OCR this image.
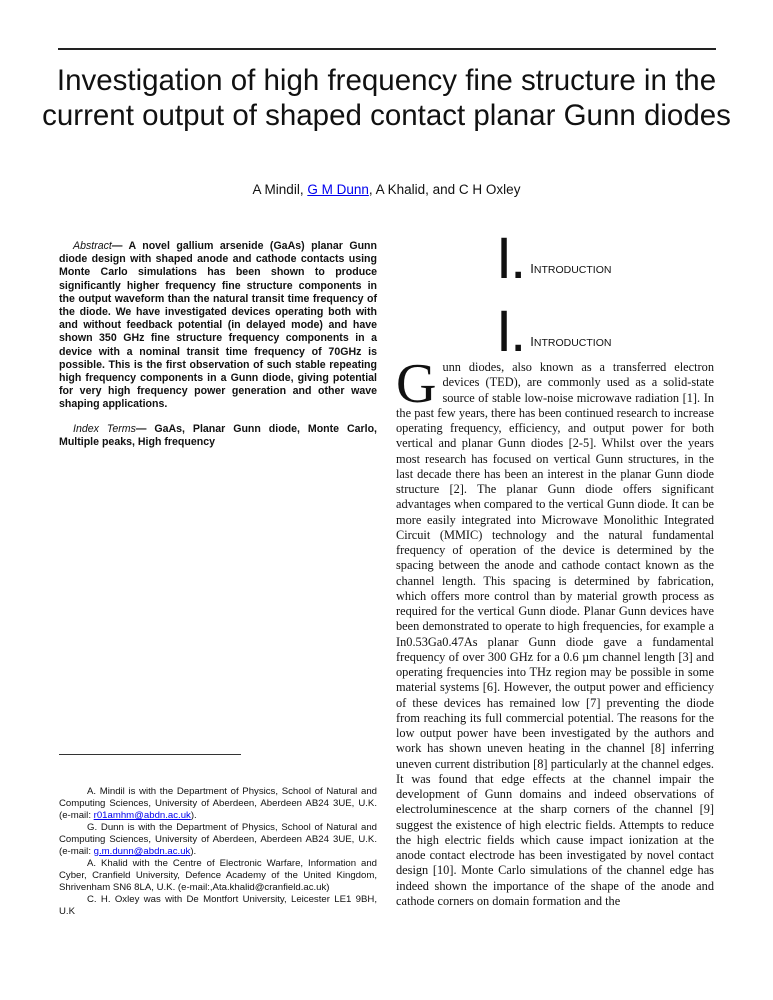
Investigation of high frequency fine structure in the current output of shaped contact planar Gunn diodes
A Mindil, G M Dunn, A Khalid, and C H Oxley

Abstract— A novel gallium arsenide (GaAs) planar Gunn diode design with shaped anode and cathode contacts using Monte Carlo simulations has been shown to produce significantly higher frequency fine structure components in the output waveform than the natural transit time frequency of the diode. We have investigated devices operating both with and without feedback potential (in delayed mode) and have shown 350 GHz fine structure frequency components in a device with a nominal transit time frequency of 70GHz is possible. This is the first observation of such stable repeating high frequency components in a Gunn diode, giving potential for very high frequency power generation and other wave shaping applications.

Index Terms— GaAs, Planar Gunn diode, Monte Carlo, Multiple peaks, High frequency

A. Mindil is with the Department of Physics, School of Natural and Computing Sciences, University of Aberdeen, Aberdeen AB24 3UE, U.K. (e-mail: r01amhm@abdn.ac.uk).

G. Dunn is with the Department of Physics, School of Natural and Computing Sciences, University of Aberdeen, Aberdeen AB24 3UE, U.K. (e-mail: g.m.dunn@abdn.ac.uk).

A. Khalid with the Centre of Electronic Warfare, Information and Cyber, Cranfield University, Defence Academy of the United Kingdom, Shrivenham SN6 8LA, U.K. (e-mail:,Ata.khalid@cranfield.ac.uk)

C. H. Oxley was with De Montfort University, Leicester LE1 9BH, U.K

I. INTRODUCTION
I. INTRODUCTION

Gunn diodes, also known as a transferred electron devices (TED), are commonly used as a solid-state source of stable low-noise microwave radiation [1]. In the past few years, there has been continued research to increase operating frequency, efficiency, and output power for both vertical and planar Gunn diodes [2-5]. Whilst over the years most research has focused on vertical Gunn structures, in the last decade there has been an interest in the planar Gunn diode structure [2]. The planar Gunn diode offers significant advantages when compared to the vertical Gunn diode. It can be more easily integrated into Microwave Monolithic Integrated Circuit (MMIC) technology and the natural fundamental frequency of operation of the device is determined by the spacing between the anode and cathode contact known as the channel length. This spacing is determined by fabrication, which offers more control than by material growth process as required for the vertical Gunn diode. Planar Gunn devices have been demonstrated to operate to high frequencies, for example a In0.53Ga0.47As planar Gunn diode gave a fundamental frequency of over 300 GHz for a 0.6 µm channel length [3] and operating frequencies into THz region may be possible in some material systems [6]. However, the output power and efficiency of these devices has remained low [7] preventing the diode from reaching its full commercial potential. The reasons for the low output power have been investigated by the authors and work has shown uneven heating in the channel [8] inferring uneven current distribution [8] particularly at the channel edges. It was found that edge effects at the channel impair the development of Gunn domains and indeed observations of electroluminescence at the sharp corners of the channel [9] suggest the existence of high electric fields. Attempts to reduce the high electric fields which cause impact ionization at the anode contact electrode has been investigated by novel contact design [10]. Monte Carlo simulations of the channel edge has indeed shown the importance of the shape of the anode and cathode corners on domain formation and the
